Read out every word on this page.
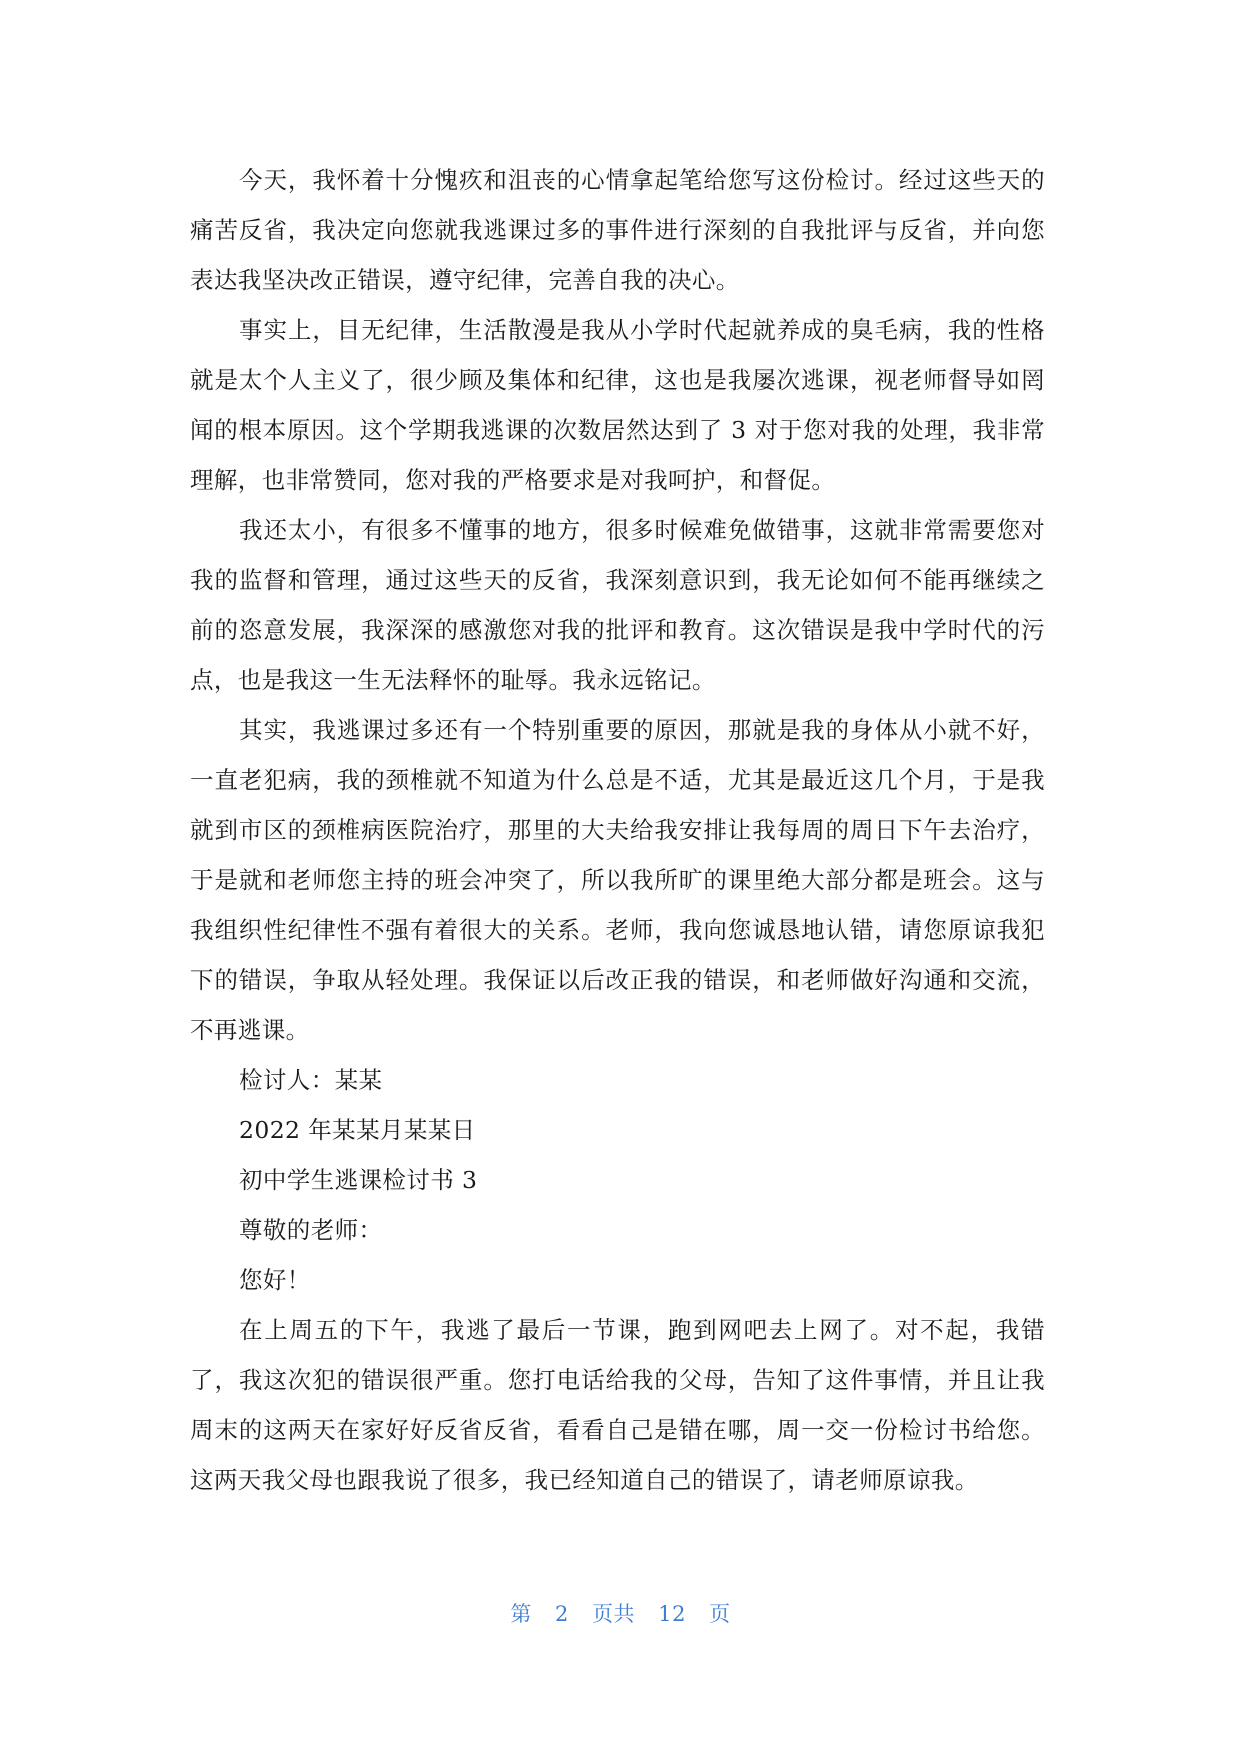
今天，我怀着十分愧疚和沮丧的心情拿起笔给您写这份检讨。经过这些天的痛苦反省，我决定向您就我逃课过多的事件进行深刻的自我批评与反省，并向您表达我坚决改正错误，遵守纪律，完善自我的决心。

事实上，目无纪律，生活散漫是我从小学时代起就养成的臭毛病，我的性格就是太个人主义了，很少顾及集体和纪律，这也是我屡次逃课，视老师督导如罔闻的根本原因。这个学期我逃课的次数居然达到了 3 对于您对我的处理，我非常理解，也非常赞同，您对我的严格要求是对我呵护，和督促。

我还太小，有很多不懂事的地方，很多时候难免做错事，这就非常需要您对我的监督和管理，通过这些天的反省，我深刻意识到，我无论如何不能再继续之前的恣意发展，我深深的感激您对我的批评和教育。这次错误是我中学时代的污点，也是我这一生无法释怀的耻辱。我永远铭记。

其实，我逃课过多还有一个特别重要的原因，那就是我的身体从小就不好，一直老犯病，我的颈椎就不知道为什么总是不适，尤其是最近这几个月，于是我就到市区的颈椎病医院治疗，那里的大夫给我安排让我每周的周日下午去治疗，于是就和老师您主持的班会冲突了，所以我所旷的课里绝大部分都是班会。这与我组织性纪律性不强有着很大的关系。老师，我向您诚恳地认错，请您原谅我犯下的错误，争取从轻处理。我保证以后改正我的错误，和老师做好沟通和交流，不再逃课。

检讨人：某某

2022 年某某月某某日

初中学生逃课检讨书 3

尊敬的老师：

您好！

在上周五的下午，我逃了最后一节课，跑到网吧去上网了。对不起，我错了，我这次犯的错误很严重。您打电话给我的父母，告知了这件事情，并且让我周末的这两天在家好好反省反省，看看自己是错在哪，周一交一份检讨书给您。这两天我父母也跟我说了很多，我已经知道自己的错误了，请老师原谅我。

第 2 页共 12 页
